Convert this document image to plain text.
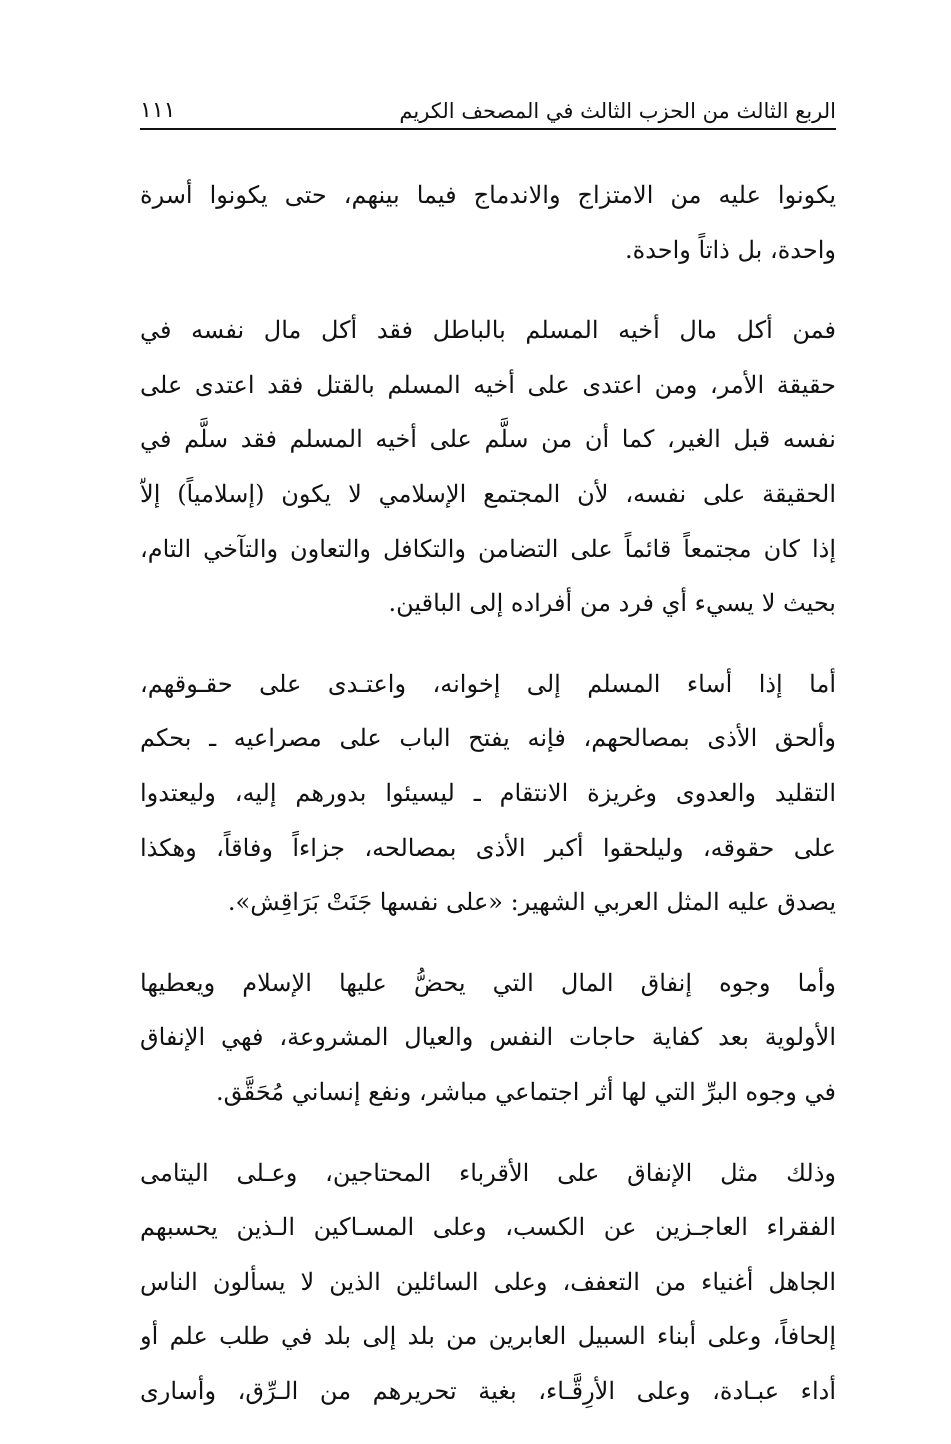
الربع الثالث من الحزب الثالث في المصحف الكريم
١١١
يكونوا عليه من الامتزاج والاندماج فيما بينهم، حتى يكونوا أسرة
واحدة، بل ذاتاً واحدة.
فمن أكل مال أخيه المسلم بالباطل فقد أكل مال نفسه في
حقيقة الأمر، ومن اعتدى على أخيه المسلم بالقتل فقد اعتدى على
نفسه قبل الغير، كما أن من سلَّم على أخيه المسلم فقد سلَّم في
الحقيقة على نفسه، لأن المجتمع الإسلامي لا يكون (إسلامياً) إلاّ
إذا كان مجتمعاً قائماً على التضامن والتكافل والتعاون والتآخي التام،
بحيث لا يسيء أي فرد من أفراده إلى الباقين.
أما إذا أساء المسلم إلى إخوانه، واعتـدى على حقـوقهم،
وألحق الأذى بمصالحهم، فإنه يفتح الباب على مصراعيه ـ بحكم
التقليد والعدوى وغريزة الانتقام ـ ليسيئوا بدورهم إليه، وليعتدوا
على حقوقه، وليلحقوا أكبر الأذى بمصالحه، جزاءاً وفاقاً، وهكذا
يصدق عليه المثل العربي الشهير: «على نفسها جَنَتْ بَرَاقِش».
وأما وجوه إنفاق المال التي يحضُّ عليها الإسلام ويعطيها
الأولوية بعد كفاية حاجات النفس والعيال المشروعة، فهي الإنفاق
في وجوه البرِّ التي لها أثر اجتماعي مباشر، ونفع إنساني مُحَقَّق.
وذلك مثل الإنفاق على الأقرباء المحتاجين، وعـلى اليتامى
الفقراء العاجـزين عن الكسب، وعلى المسـاكين الـذين يحسبهم
الجاهل أغنياء من التعفف، وعلى السائلين الذين لا يسألون الناس
إلحافاً، وعلى أبناء السبيل العابرين من بلد إلى بلد في طلب علم أو
أداء عبـادة، وعلى الأرِقَّـاء، بغية تحريرهم من الـرِّق، وأسارى
